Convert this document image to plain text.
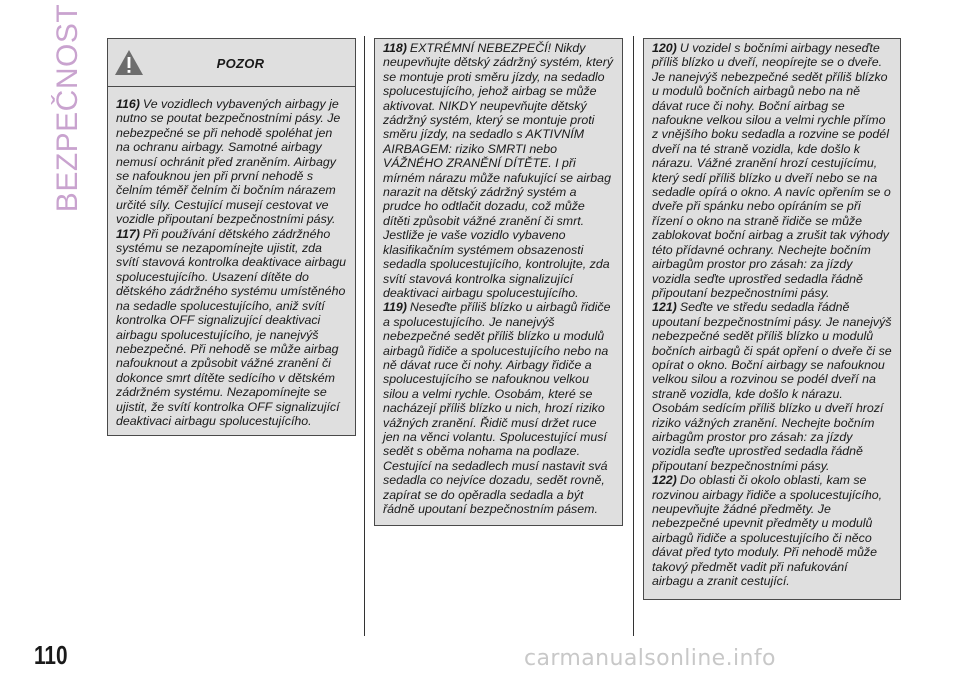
BEZPEČNOST	POZOR

116) Ve vozidlech vybavených airbagy je nutno se poutat bezpečnostními pásy. Je nebezpečné se při nehodě spoléhat jen na ochranu airbagy. Samotné airbagy nemusí ochránit před zraněním. Airbagy se nafouknou jen při první nehodě s čelním téměř čelním či bočním nárazem určité síly. Cestující musejí cestovat ve vozidle připoutaní bezpečnostními pásy.

117) Při používání dětského zádržného systému se nezapomínejte ujistit, zda svítí stavová kontrolka deaktivace airbagu spolucestujícího. Usazení dítěte do dětského zádržného systému umístěného na sedadle spolucestujícího, aniž svítí kontrolka OFF signalizující deaktivaci airbagu spolucestujícího, je nanejvýš nebezpečné. Při nehodě se může airbag nafouknout a způsobit vážné zranění či dokonce smrt dítěte sedícího v dětském zádržném systému. Nezapomínejte se ujistit, že svítí kontrolka OFF signalizující deaktivaci airbagu spolucestujícího.

118) EXTRÉMNÍ NEBEZPEČÍ! Nikdy neupevňujte dětský zádržný systém, který se montuje proti směru jízdy, na sedadlo spolucestujícího, jehož airbag se může aktivovat. NIKDY neupevňujte dětský zádržný systém, který se montuje proti směru jízdy, na sedadlo s AKTIVNÍM AIRBAGEM: riziko SMRTI nebo VÁŽNÉHO ZRANĚNÍ DÍTĚTE. I při mírném nárazu může nafukující se airbag narazit na dětský zádržný systém a prudce ho odtlačit dozadu, což může dítěti způsobit vážné zranění či smrt. Jestliže je vaše vozidlo vybaveno klasifikačním systémem obsazenosti sedadla spolucestujícího, kontrolujte, zda svítí stavová kontrolka signalizující deaktivaci airbagu spolucestujícího.

119) Neseďte příliš blízko u airbagů řidiče a spolucestujícího. Je nanejvýš nebezpečné sedět příliš blízko u modulů airbagů řidiče a spolucestujícího nebo na ně dávat ruce či nohy. Airbagy řidiče a spolucestujícího se nafouknou velkou silou a velmi rychle. Osobám, které se nacházejí příliš blízko u nich, hrozí riziko vážných zranění. Řidič musí držet ruce jen na věnci volantu. Spolucestující musí sedět s oběma nohama na podlaze. Cestující na sedadlech musí nastavit svá sedadla co nejvíce dozadu, sedět rovně, zapírat se do opěradla sedadla a být řádně upoutaní bezpečnostním pásem.

120) U vozidel s bočními airbagy neseďte příliš blízko u dveří, neopírejte se o dveře. Je nanejvýš nebezpečné sedět příliš blízko u modulů bočních airbagů nebo na ně dávat ruce či nohy. Boční airbag se nafoukne velkou silou a velmi rychle přímo z vnějšího boku sedadla a rozvine se podél dveří na té straně vozidla, kde došlo k nárazu. Vážné zranění hrozí cestujícímu, který sedí příliš blízko u dveří nebo se na sedadle opírá o okno. A navíc opřením se o dveře při spánku nebo opíráním se při řízení o okno na straně řidiče se může zablokovat boční airbag a zrušit tak výhody této přídavné ochrany. Nechejte bočním airbagům prostor pro zásah: za jízdy vozidla seďte uprostřed sedadla řádně připoutaní bezpečnostními pásy.

121) Seďte ve středu sedadla řádně upoutaní bezpečnostními pásy. Je nanejvýš nebezpečné sedět příliš blízko u modulů bočních airbagů či spát opření o dveře či se opírat o okno. Boční airbagy se nafouknou velkou silou a rozvinou se podél dveří na straně vozidla, kde došlo k nárazu. Osobám sedícím příliš blízko u dveří hrozí riziko vážných zranění. Nechejte bočním airbagům prostor pro zásah: za jízdy vozidla seďte uprostřed sedadla řádně připoutaní bezpečnostními pásy.

122) Do oblasti či okolo oblasti, kam se rozvinou airbagy řidiče a spolucestujícího, neupevňujte žádné předměty. Je nebezpečné upevnit předměty u modulů airbagů řidiče a spolucestujícího či něco dávat před tyto moduly. Při nehodě může takový předmět vadit při nafukování airbagu a zranit cestující.

110	carmanualsonline.info
